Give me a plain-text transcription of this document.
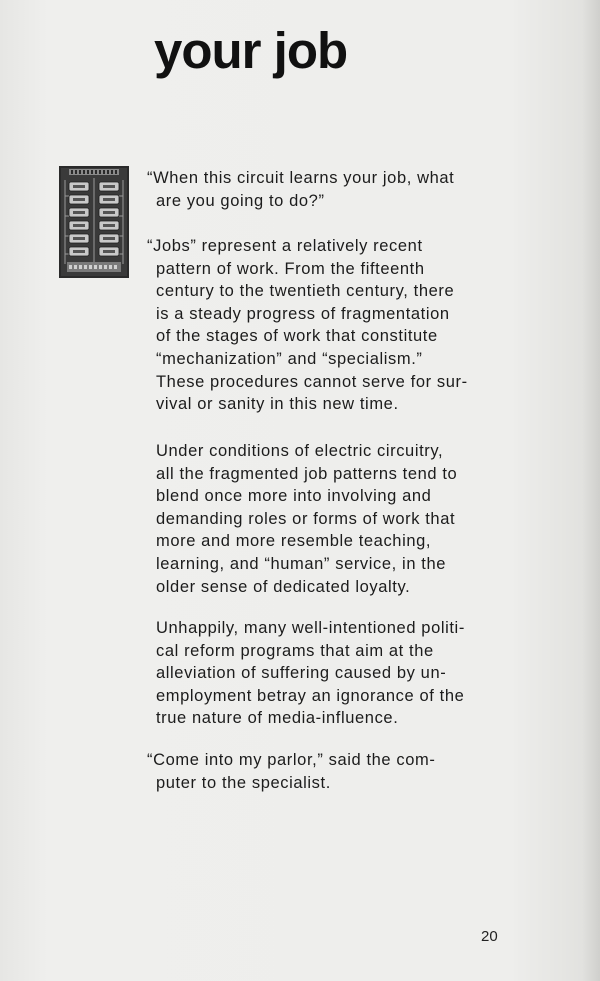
your job

“When this circuit learns your job, what
are you going to do?”

“Jobs” represent a relatively recent
pattern of work. From the fifteenth
century to the twentieth century, there
is a steady progress of fragmentation
of the stages of work that constitute
“mechanization” and “specialism.”
These procedures cannot serve for sur-
vival or sanity in this new time.

Under conditions of electric circuitry,
all the fragmented job patterns tend to
blend once more into involving and
demanding roles or forms of work that
more and more resemble teaching,
learning, and “human” service, in the
older sense of dedicated loyalty.

Unhappily, many well-intentioned politi-
cal reform programs that aim at the
alleviation of suffering caused by un-
employment betray an ignorance of the
true nature of media-influence.

“Come into my parlor,” said the com-
puter to the specialist.

20
